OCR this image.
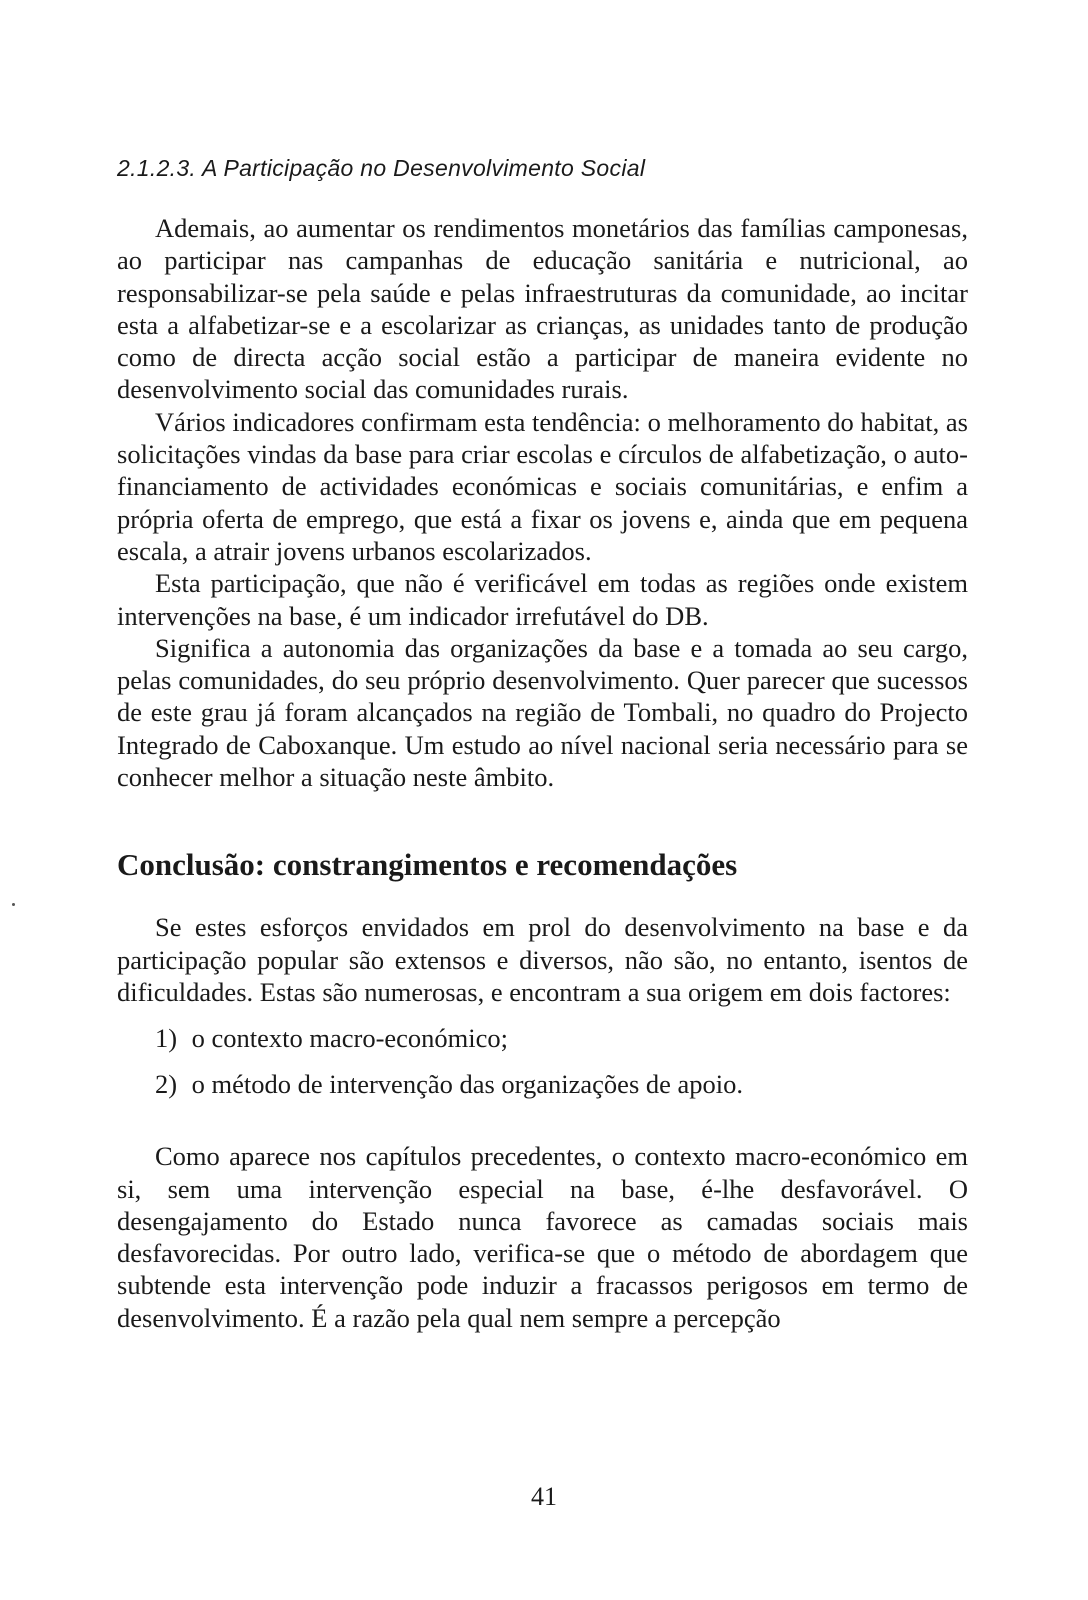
2.1.2.3. A Participação no Desenvolvimento Social

Ademais, ao aumentar os rendimentos monetários das famílias camponesas, ao participar nas campanhas de educação sanitária e nutricional, ao responsabilizar-se pela saúde e pelas infraestruturas da comunidade, ao incitar esta a alfabetizar-se e a escolarizar as crianças, as unidades tanto de produção como de directa acção social estão a participar de maneira evidente no desenvolvimento social das comunidades rurais.

Vários indicadores confirmam esta tendência: o melhoramento do habitat, as solicitações vindas da base para criar escolas e círculos de alfabetização, o auto-financiamento de actividades económicas e sociais comunitárias, e enfim a própria oferta de emprego, que está a fixar os jovens e, ainda que em pequena escala, a atrair jovens urbanos escolarizados.

Esta participação, que não é verificável em todas as regiões onde existem intervenções na base, é um indicador irrefutável do DB.

Significa a autonomia das organizações da base e a tomada ao seu cargo, pelas comunidades, do seu próprio desenvolvimento. Quer parecer que sucessos de este grau já foram alcançados na região de Tombali, no quadro do Projecto Integrado de Caboxanque. Um estudo ao nível nacional seria necessário para se conhecer melhor a situação neste âmbito.

Conclusão: constrangimentos e recomendações

Se estes esforços envidados em prol do desenvolvimento na base e da participação popular são extensos e diversos, não são, no entanto, isentos de dificuldades. Estas são numerosas, e encontram a sua origem em dois factores:

1) o contexto macro-económico;
2) o método de intervenção das organizações de apoio.

Como aparece nos capítulos precedentes, o contexto macro-económico em si, sem uma intervenção especial na base, é-lhe desfavorável. O desengajamento do Estado nunca favorece as camadas sociais mais desfavorecidas. Por outro lado, verifica-se que o método de abordagem que subtende esta intervenção pode induzir a fracassos perigosos em termo de desenvolvimento. É a razão pela qual nem sempre a percepção

41
